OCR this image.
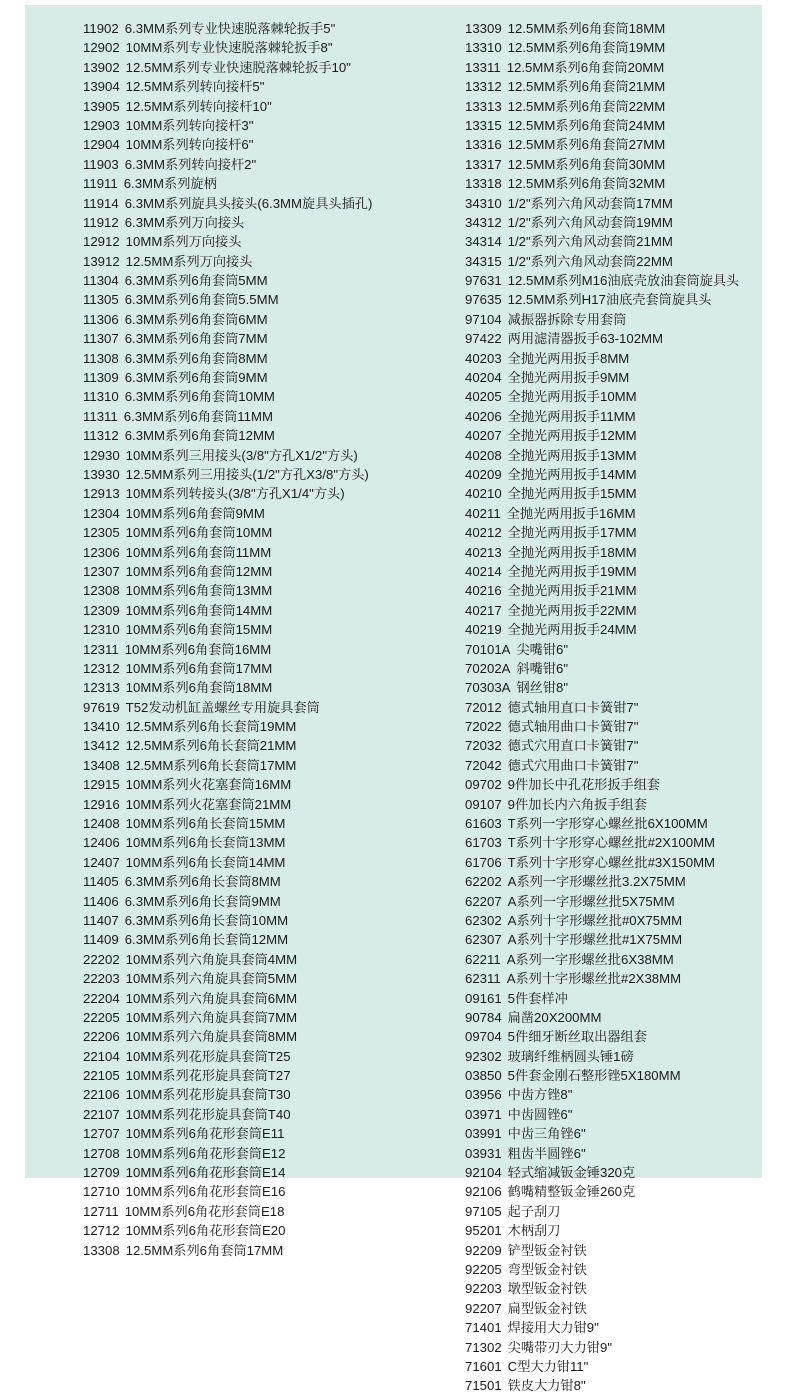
11902 6.3MM系列专业快速脱落棘轮扳手5"
12902 10MM系列专业快速脱落棘轮扳手8"
13902 12.5MM系列专业快速脱落棘轮扳手10"
13904 12.5MM系列转向接杆5"
13905 12.5MM系列转向接杆10"
12903 10MM系列转向接杆3"
12904 10MM系列转向接杆6"
11903 6.3MM系列转向接杆2"
11911 6.3MM系列旋柄
11914 6.3MM系列旋具头接头(6.3MM旋具头插孔)
11912 6.3MM系列万向接头
12912 10MM系列万向接头
13912 12.5MM系列万向接头
11304 6.3MM系列6角套筒5MM
11305 6.3MM系列6角套筒5.5MM
11306 6.3MM系列6角套筒6MM
11307 6.3MM系列6角套筒7MM
11308 6.3MM系列6角套筒8MM
11309 6.3MM系列6角套筒9MM
11310 6.3MM系列6角套筒10MM
11311 6.3MM系列6角套筒11MM
11312 6.3MM系列6角套筒12MM
12930 10MM系列三用接头(3/8"方孔X1/2"方头)
13930 12.5MM系列三用接头(1/2"方孔X3/8"方头)
12913 10MM系列转接头(3/8"方孔X1/4"方头)
12304 10MM系列6角套筒9MM
12305 10MM系列6角套筒10MM
12306 10MM系列6角套筒11MM
12307 10MM系列6角套筒12MM
12308 10MM系列6角套筒13MM
12309 10MM系列6角套筒14MM
12310 10MM系列6角套筒15MM
12311 10MM系列6角套筒16MM
12312 10MM系列6角套筒17MM
12313 10MM系列6角套筒18MM
97619 T52发动机缸盖螺丝专用旋具套筒
13410 12.5MM系列6角长套筒19MM
13412 12.5MM系列6角长套筒21MM
13408 12.5MM系列6角长套筒17MM
12915 10MM系列火花塞套筒16MM
12916 10MM系列火花塞套筒21MM
12408 10MM系列6角长套筒15MM
12406 10MM系列6角长套筒13MM
12407 10MM系列6角长套筒14MM
11405 6.3MM系列6角长套筒8MM
11406 6.3MM系列6角长套筒9MM
11407 6.3MM系列6角长套筒10MM
11409 6.3MM系列6角长套筒12MM
22202 10MM系列六角旋具套筒4MM
22203 10MM系列六角旋具套筒5MM
22204 10MM系列六角旋具套筒6MM
22205 10MM系列六角旋具套筒7MM
22206 10MM系列六角旋具套筒8MM
22104 10MM系列花形旋具套筒T25
22105 10MM系列花形旋具套筒T27
22106 10MM系列花形旋具套筒T30
22107 10MM系列花形旋具套筒T40
12707 10MM系列6角花形套筒E11
12708 10MM系列6角花形套筒E12
12709 10MM系列6角花形套筒E14
12710 10MM系列6角花形套筒E16
12711 10MM系列6角花形套筒E18
12712 10MM系列6角花形套筒E20
13308 12.5MM系列6角套筒17MM
13309 12.5MM系列6角套筒18MM
13310 12.5MM系列6角套筒19MM
13311 12.5MM系列6角套筒20MM
13312 12.5MM系列6角套筒21MM
13313 12.5MM系列6角套筒22MM
13315 12.5MM系列6角套筒24MM
13316 12.5MM系列6角套筒27MM
13317 12.5MM系列6角套筒30MM
13318 12.5MM系列6角套筒32MM
34310 1/2"系列六角风动套筒17MM
34312 1/2"系列六角风动套筒19MM
34314 1/2"系列六角风动套筒21MM
34315 1/2"系列六角风动套筒22MM
97631 12.5MM系列M16油底壳放油套筒旋具头
97635 12.5MM系列H17油底壳套筒旋具头
97104 减振器拆除专用套筒
97422 两用滤清器扳手63-102MM
40203 全抛光两用扳手8MM
40204 全抛光两用扳手9MM
40205 全抛光两用扳手10MM
40206 全抛光两用扳手11MM
40207 全抛光两用扳手12MM
40208 全抛光两用扳手13MM
40209 全抛光两用扳手14MM
40210 全抛光两用扳手15MM
40211 全抛光两用扳手16MM
40212 全抛光两用扳手17MM
40213 全抛光两用扳手18MM
40214 全抛光两用扳手19MM
40216 全抛光两用扳手21MM
40217 全抛光两用扳手22MM
40219 全抛光两用扳手24MM
70101A 尖嘴钳6"
70202A 斜嘴钳6"
70303A 钢丝钳8"
72012 德式轴用直口卡簧钳7"
72022 德式轴用曲口卡簧钳7"
72032 德式穴用直口卡簧钳7"
72042 德式穴用曲口卡簧钳7"
09702 9件加长中孔花形扳手组套
09107 9件加长内六角扳手组套
61603 T系列一字形穿心螺丝批6X100MM
61703 T系列十字形穿心螺丝批#2X100MM
61706 T系列十字形穿心螺丝批#3X150MM
62202 A系列一字形螺丝批3.2X75MM
62207 A系列一字形螺丝批5X75MM
62302 A系列十字形螺丝批#0X75MM
62307 A系列十字形螺丝批#1X75MM
62211 A系列一字形螺丝批6X38MM
62311 A系列十字形螺丝批#2X38MM
09161 5件套样冲
90784 扁凿20X200MM
09704 5件细牙断丝取出器组套
92302 玻璃纤维柄圆头锤1磅
03850 5件套金刚石整形锉5X180MM
03956 中齿方锉8"
03971 中齿圆锉6"
03991 中齿三角锉6"
03931 粗齿半圆锉6"
92104 轻式缩减钣金锤320克
92106 鹤嘴精整钣金锤260克
97105 起子刮刀
95201 木柄刮刀
92209 铲型钣金衬铁
92205 弯型钣金衬铁
92203 墩型钣金衬铁
92207 扁型钣金衬铁
71401 焊接用大力钳9"
71302 尖嘴带刃大力钳9"
71601 C型大力钳11"
71501 铁皮大力钳8"
